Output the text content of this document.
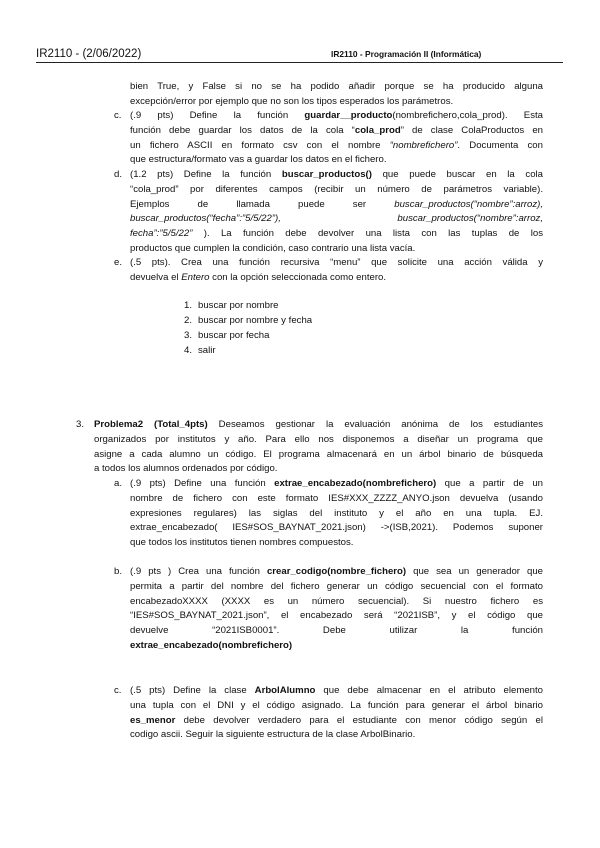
IR2110 - (2/06/2022)	IR2110 - Programación II (Informática)
bien True, y False si no se ha podido añadir porque se ha producido alguna
excepción/error por ejemplo que no son los tipos esperados los parámetros.
c. (.9 pts) Define la función guardar__producto(nombrefichero,cola_prod). Esta
función debe guardar los datos de la cola “cola_prod” de clase ColaProductos en
un fichero ASCII en formato csv con el nombre “nombrefichero”. Documenta con
que estructura/formato vas a guardar los datos en el fichero.
d. (1.2 pts) Define la función buscar_productos() que puede buscar en la cola
“cola_prod” por diferentes campos (recibir un número de parámetros variable).
Ejemplos de llamada puede ser buscar_productos(“nombre”:arroz),
buscar_productos(“fecha”:”5/5/22”),	buscar_productos(“nombre”:arroz,
fecha”:”5/5/22” ). La función debe devolver una lista con las tuplas de los
productos que cumplen la condición, caso contrario una lista vacía.
e. (.5 pts). Crea una función recursiva “menu” que solicite una acción válida y
devuelva el Entero con la opción seleccionada como entero.
1. buscar por nombre
2. buscar por nombre y fecha
3. buscar por fecha
4. salir
3. Problema2 (Total_4pts) Deseamos gestionar la evaluación anónima de los estudiantes
organizados por institutos y año. Para ello nos disponemos a diseñar un programa que
asigne a cada alumno un código. El programa almacenará en un árbol binario de búsqueda
a todos los alumnos ordenados por código.
a. (.9 pts) Define una función extrae_encabezado(nombrefichero) que a partir de un
nombre de fichero con este formato IES#XXX_ZZZZ_ANYO.json devuelva (usando
expresiones regulares) las siglas del instituto y el año en una tupla. EJ.
extrae_encabezado( IES#SOS_BAYNAT_2021.json) ->(ISB,2021). Podemos suponer
que todos los institutos tienen nombres compuestos.
b. (.9 pts ) Crea una función crear_codigo(nombre_fichero) que sea un generador que
permita a partir del nombre del fichero generar un código secuencial con el formato
encabezadoXXXX (XXXX es un número secuencial). Si nuestro fichero es
“IES#SOS_BAYNAT_2021.json”, el encabezado será “2021ISB”, y el código que
devuelve “2021ISB0001”. Debe utilizar la función
extrae_encabezado(nombrefichero)
c. (.5 pts) Define la clase ArbolAlumno que debe almacenar en el atributo elemento
una tupla con el DNI y el código asignado. La función para generar el árbol binario
es_menor debe devolver verdadero para el estudiante con menor código según el
codigo ascii. Seguir la siguiente estructura de la clase ArbolBinario.
